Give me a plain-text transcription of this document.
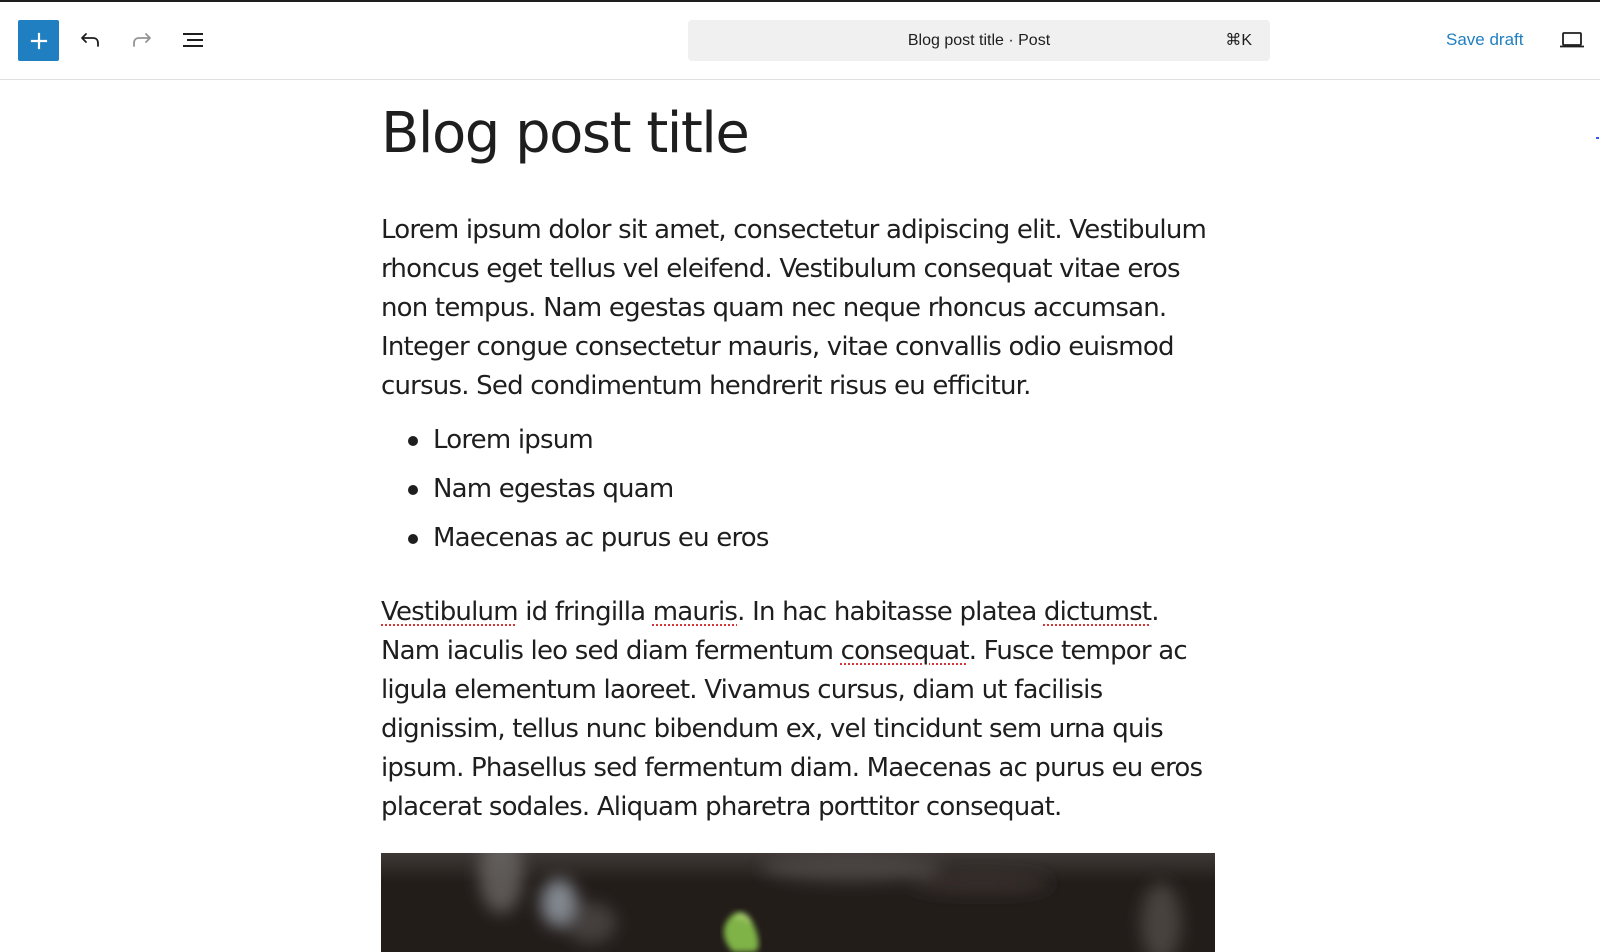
Blog post title · Post	⌘K	Save draft
Blog post title

Lorem ipsum dolor sit amet, consectetur adipiscing elit. Vestibulum
rhoncus eget tellus vel eleifend. Vestibulum consequat vitae eros
non tempus. Nam egestas quam nec neque rhoncus accumsan.
Integer congue consectetur mauris, vitae convallis odio euismod
cursus. Sed condimentum hendrerit risus eu efficitur.

Lorem ipsum
Nam egestas quam
Maecenas ac purus eu eros

Vestibulum id fringilla mauris. In hac habitasse platea dictumst.
Nam iaculis leo sed diam fermentum consequat. Fusce tempor ac
ligula elementum laoreet. Vivamus cursus, diam ut facilisis
dignissim, tellus nunc bibendum ex, vel tincidunt sem urna quis
ipsum. Phasellus sed fermentum diam. Maecenas ac purus eu eros
placerat sodales. Aliquam pharetra porttitor consequat.
